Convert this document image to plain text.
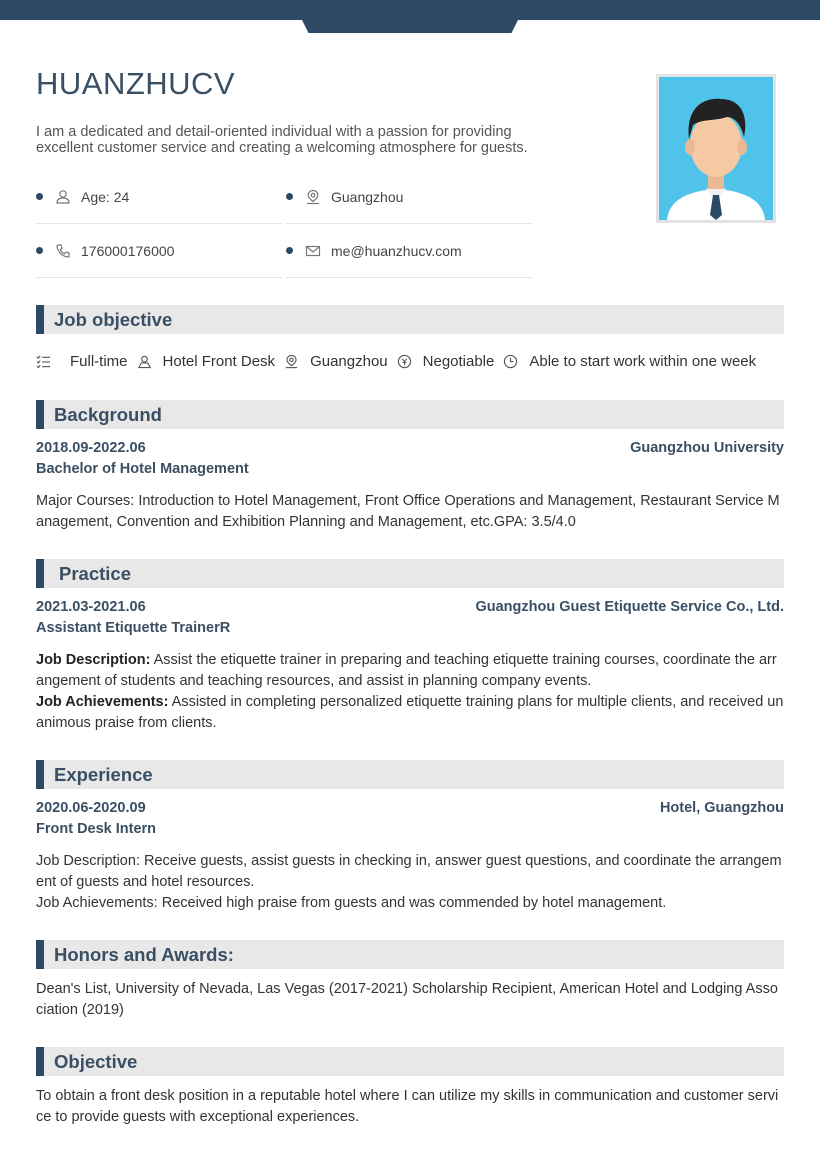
HUANZHUCV

I am a dedicated and detail-oriented individual with a passion for providing excellent customer service and creating a welcoming atmosphere for guests.

Age: 24	Guangzhou
176000176000	me@huanzhucv.com
Job objective
Full-time Hotel Front Desk Guangzhou Negotiable Able to start work within one week
Background
2018.09-2022.06	Guangzhou University
Bachelor of Hotel Management

Major Courses: Introduction to Hotel Management, Front Office Operations and Management, Restaurant Service Management, Convention and Exhibition Planning and Management, etc.GPA: 3.5/4.0

Practice
2021.03-2021.06	Guangzhou Guest Etiquette Service Co., Ltd.
Assistant Etiquette TrainerR

Job Description: Assist the etiquette trainer in preparing and teaching etiquette training courses, coordinate the arrangement of students and teaching resources, and assist in planning company events.

Job Achievements: Assisted in completing personalized etiquette training plans for multiple clients, and received unanimous praise from clients.

Experience
2020.06-2020.09	Hotel, Guangzhou
Front Desk Intern

Job Description: Receive guests, assist guests in checking in, answer guest questions, and coordinate the arrangement of guests and hotel resources.

Job Achievements: Received high praise from guests and was commended by hotel management.

Honors and Awards:

Dean's List, University of Nevada, Las Vegas (2017-2021) Scholarship Recipient, American Hotel and Lodging Association (2019)

Objective

To obtain a front desk position in a reputable hotel where I can utilize my skills in communication and customer service to provide guests with exceptional experiences.
